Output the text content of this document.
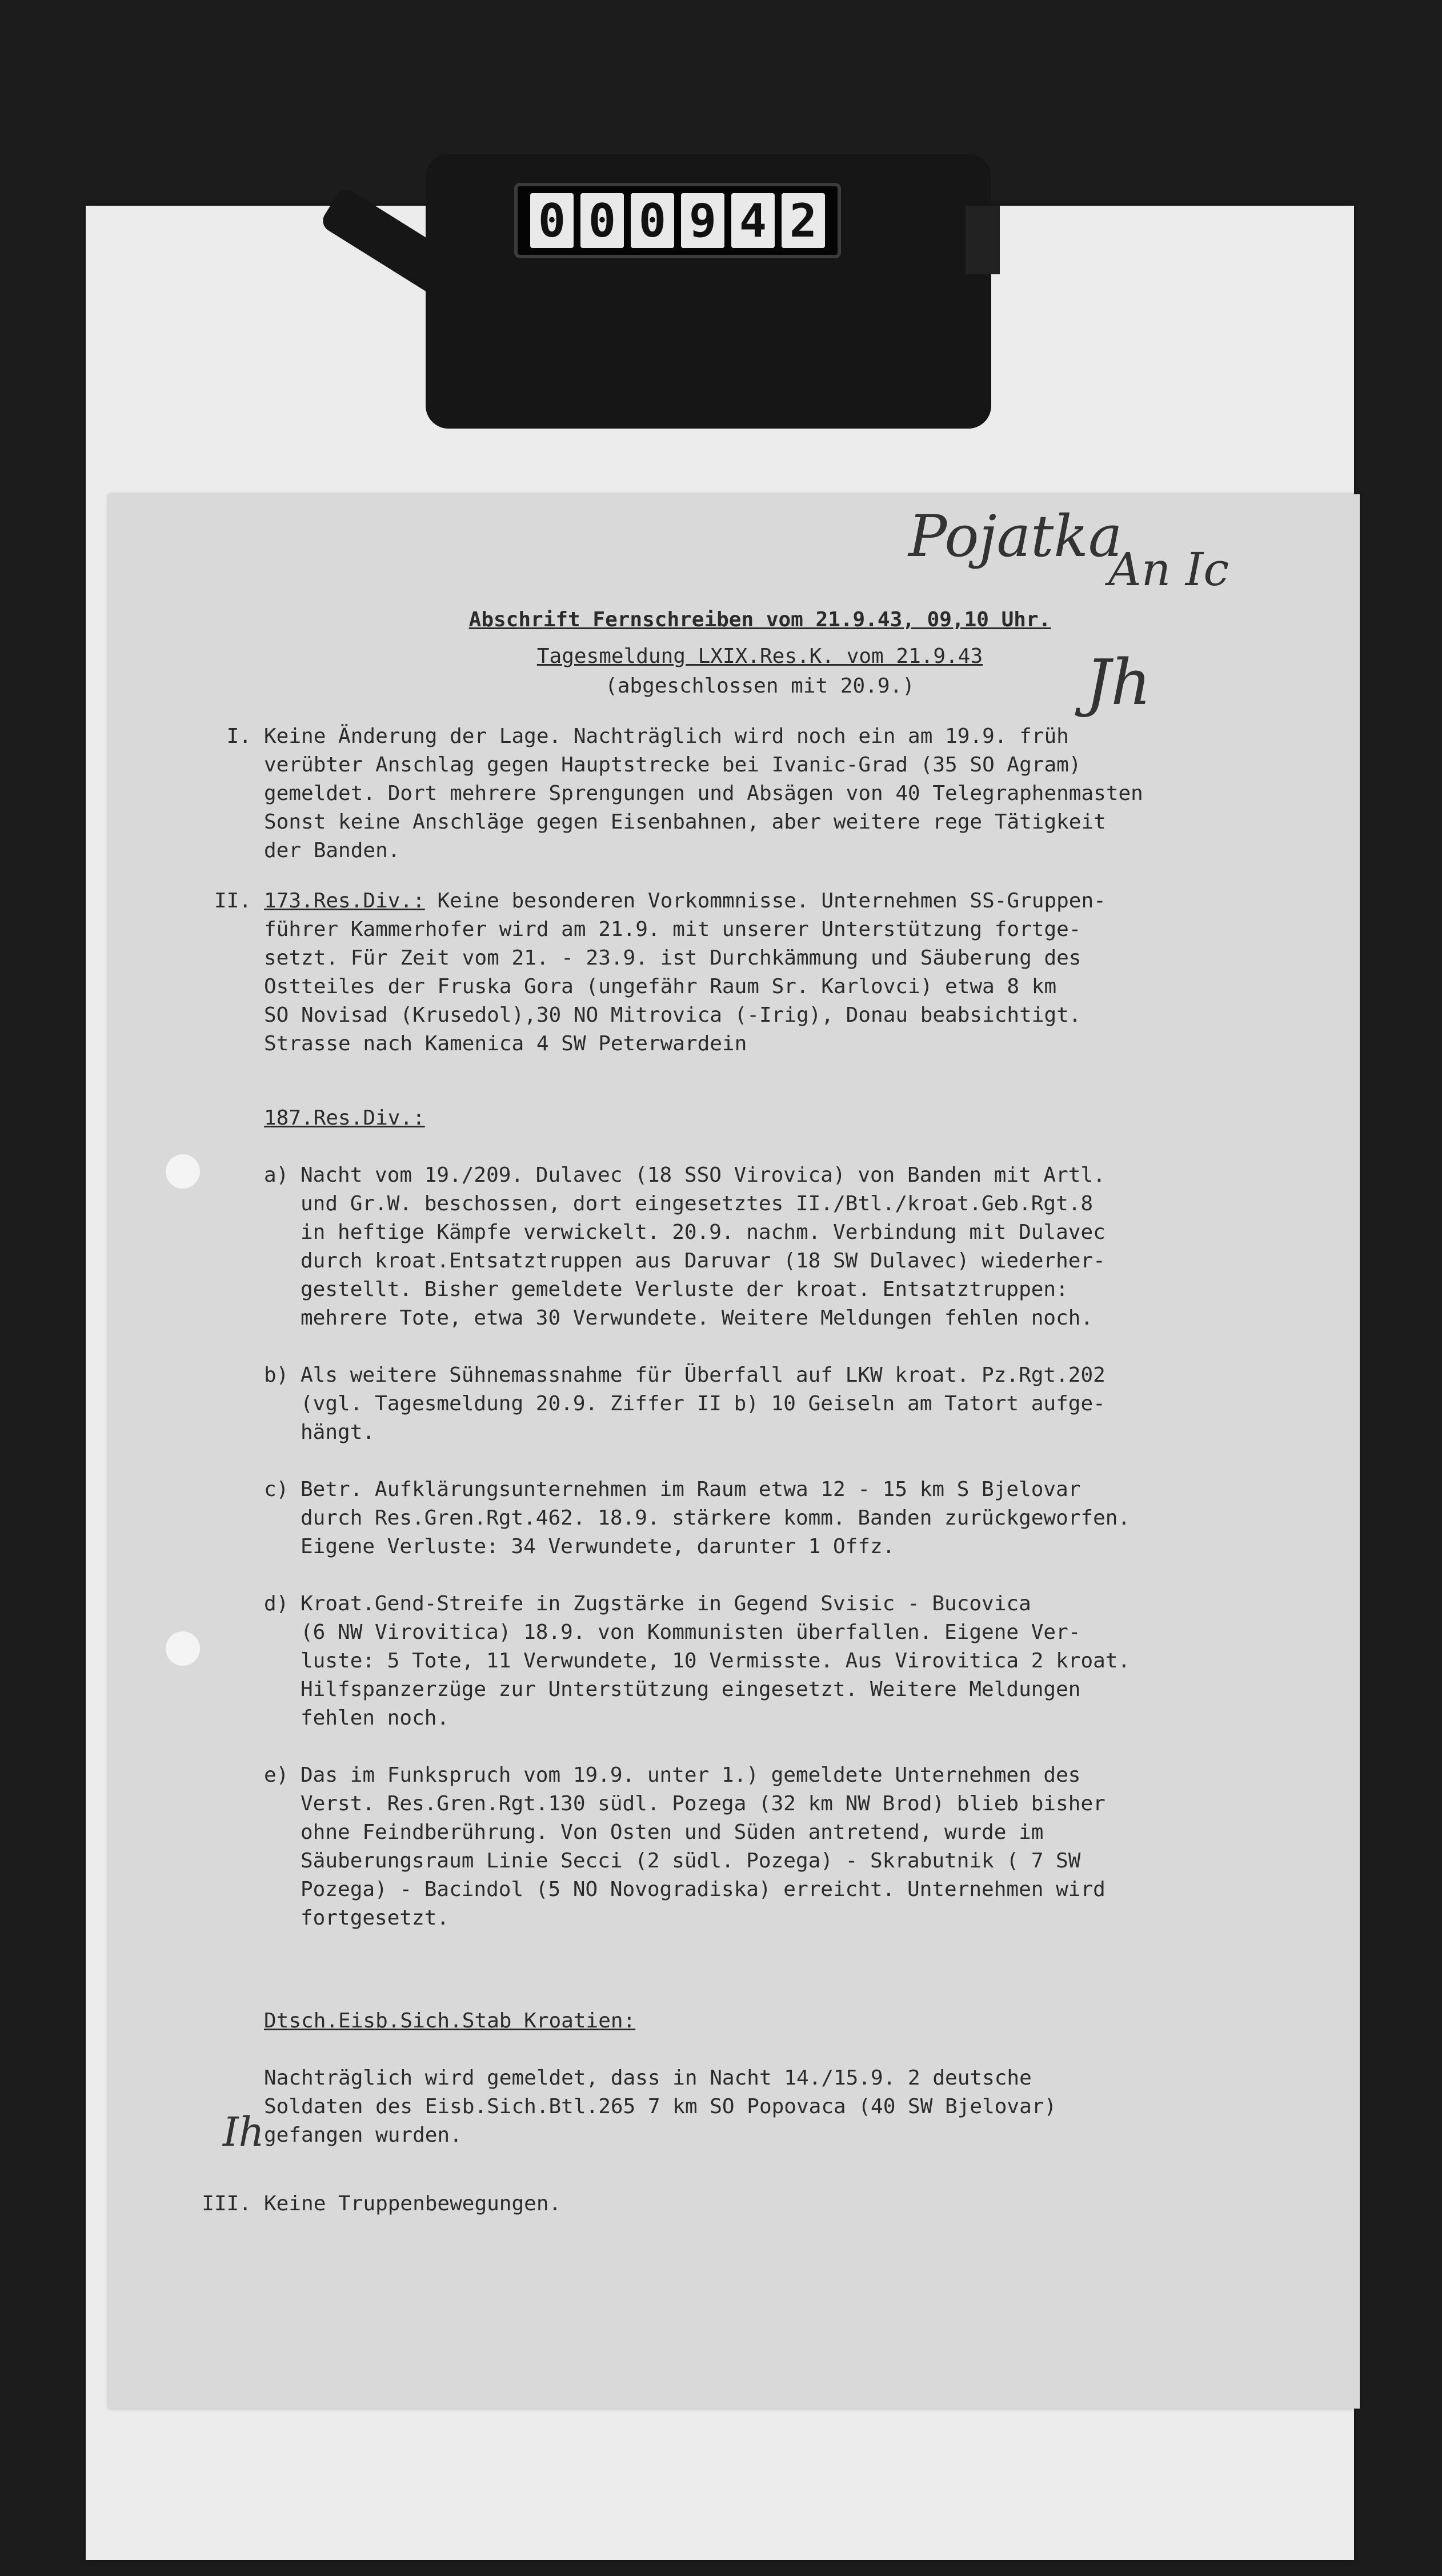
0 0 0 9 4 2
Pojatka
An Ic
Jh
Ih
Abschrift Fernschreiben vom 21.9.43, 09,10 Uhr.
Tagesmeldung LXIX.Res.K. vom 21.9.43
(abgeschlossen mit 20.9.)
I. Keine Änderung der Lage. Nachträglich wird noch ein am 19.9. früh
verübter Anschlag gegen Hauptstrecke bei Ivanic-Grad (35 SO Agram)
gemeldet. Dort mehrere Sprengungen und Absägen von 40 Telegraphenmasten
Sonst keine Anschläge gegen Eisenbahnen, aber weitere rege Tätigkeit
der Banden.
II. 173.Res.Div.: Keine besonderen Vorkommnisse. Unternehmen SS-Gruppen-
führer Kammerhofer wird am 21.9. mit unserer Unterstützung fortge-
setzt. Für Zeit vom 21. - 23.9. ist Durchkämmung und Säuberung des
Ostteiles der Fruska Gora (ungefähr Raum Sr. Karlovci) etwa 8 km
SO Novisad (Krusedol),30 NO Mitrovica (-Irig), Donau beabsichtigt.
Strasse nach Kamenica 4 SW Peterwardein

187.Res.Div.:

a) Nacht vom 19./209. Dulavec (18 SSO Virovica) von Banden mit Artl.
und Gr.W. beschossen, dort eingesetztes II./Btl./kroat.Geb.Rgt.8
in heftige Kämpfe verwickelt. 20.9. nachm. Verbindung mit Dulavec
durch kroat.Entsatztruppen aus Daruvar (18 SW Dulavec) wiederher-
gestellt. Bisher gemeldete Verluste der kroat. Entsatztruppen:
mehrere Tote, etwa 30 Verwundete. Weitere Meldungen fehlen noch.

b) Als weitere Sühnemassnahme für Überfall auf LKW kroat. Pz.Rgt.202
(vgl. Tagesmeldung 20.9. Ziffer II b) 10 Geiseln am Tatort aufge-
hängt.

c) Betr. Aufklärungsunternehmen im Raum etwa 12 - 15 km S Bjelovar
durch Res.Gren.Rgt.462. 18.9. stärkere komm. Banden zurückgeworfen.
Eigene Verluste: 34 Verwundete, darunter 1 Offz.

d) Kroat.Gend-Streife in Zugstärke in Gegend Svisic - Bucovica
(6 NW Virovitica) 18.9. von Kommunisten überfallen. Eigene Ver-
luste: 5 Tote, 11 Verwundete, 10 Vermisste. Aus Virovitica 2 kroat.
Hilfspanzerzüge zur Unterstützung eingesetzt. Weitere Meldungen
fehlen noch.

e) Das im Funkspruch vom 19.9. unter 1.) gemeldete Unternehmen des
Verst. Res.Gren.Rgt.130 südl. Pozega (32 km NW Brod) blieb bisher
ohne Feindberührung. Von Osten und Süden antretend, wurde im
Säuberungsraum Linie Secci (2 südl. Pozega) - Skrabutnik ( 7 SW
Pozega) - Bacindol (5 NO Novogradiska) erreicht. Unternehmen wird
fortgesetzt.

Dtsch.Eisb.Sich.Stab Kroatien:

Nachträglich wird gemeldet, dass in Nacht 14./15.9. 2 deutsche
Soldaten des Eisb.Sich.Btl.265 7 km SO Popovaca (40 SW Bjelovar)
gefangen wurden.

III. Keine Truppenbewegungen.
